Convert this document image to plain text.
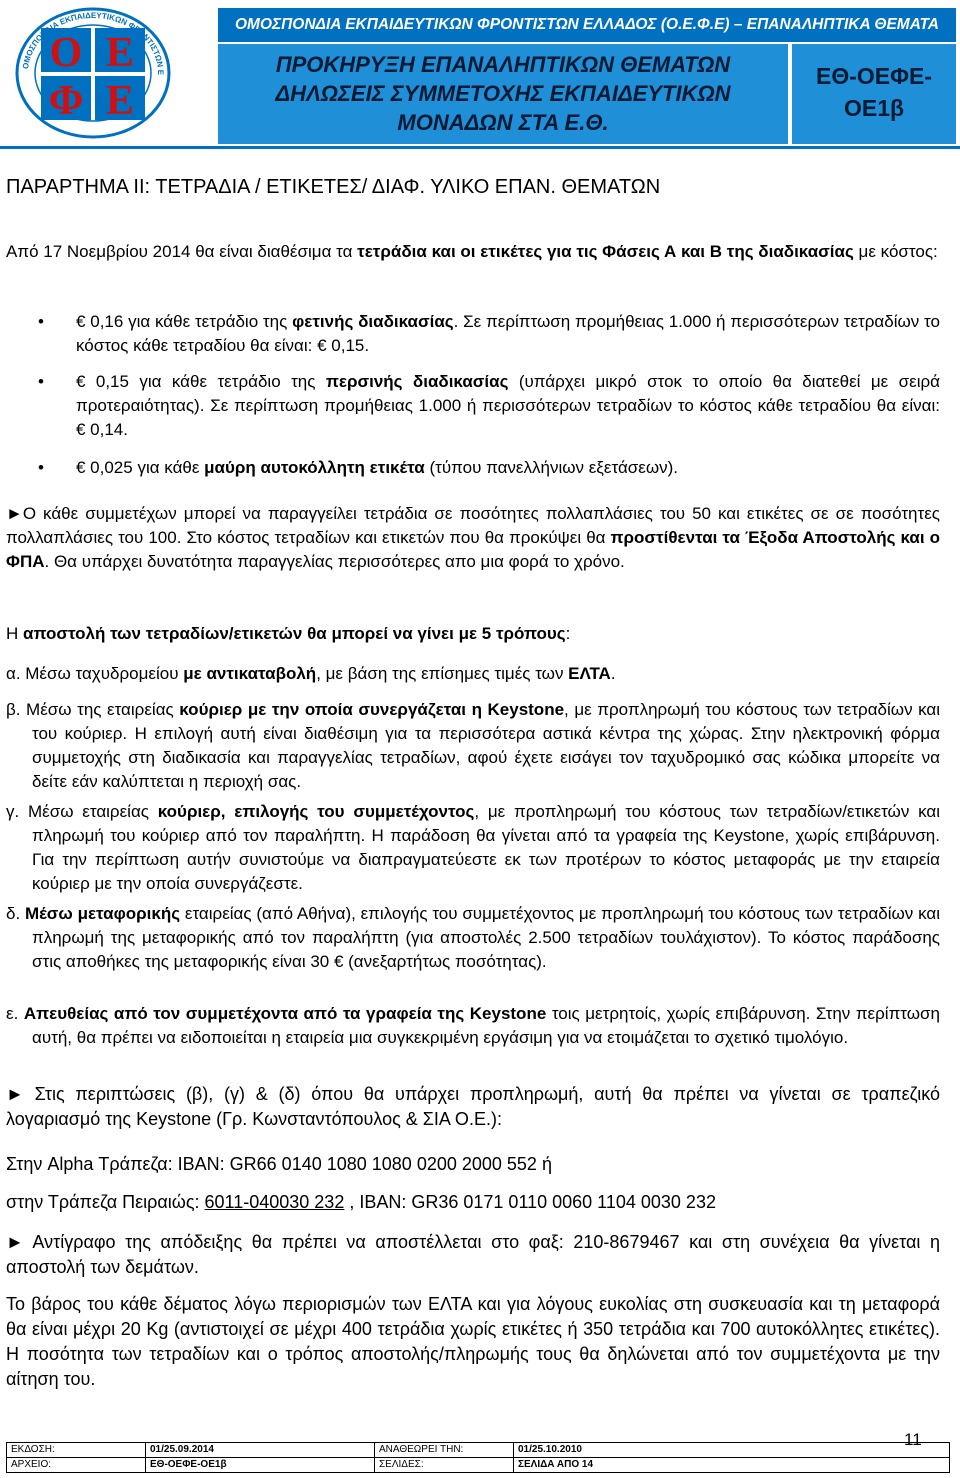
Ο Ε
Φ Ε
ΟΜΟΣΠΟΝΔΙΑ ΕΚΠΑΙΔΕΥΤΙΚΩΝ ΦΡΟΝΤΙΣΤΩΝ Ε
ΟΜΟΣΠΟΝΔΙΑ ΕΚΠΑΙΔΕΥΤΙΚΩΝ ΦΡΟΝΤΙΣΤΩΝ ΕΛΛΑΔΟΣ (Ο.Ε.Φ.Ε) – ΕΠΑΝΑΛΗΠΤΙΚΑ ΘΕΜΑΤΑ
ΠΡΟΚΗΡΥΞΗ ΕΠΑΝΑΛΗΠΤΙΚΩΝ ΘΕΜΑΤΩΝ
ΔΗΛΩΣΕΙΣ ΣΥΜΜΕΤΟΧΗΣ ΕΚΠΑΙΔΕΥΤΙΚΩΝ
ΜΟΝΑΔΩΝ ΣΤΑ Ε.Θ.
ΕΘ-ΟΕΦΕ-
ΟΕ1β
ΠΑΡΑΡΤΗΜΑ ΙΙ: ΤΕΤΡΑΔΙΑ / ΕΤΙΚΕΤΕΣ/ ΔΙΑΦ. ΥΛΙΚΟ ΕΠΑΝ. ΘΕΜΑΤΩΝ
Από 17 Νοεμβρίου 2014 θα είναι διαθέσιμα τα τετράδια και οι ετικέτες για τις Φάσεις Α και Β της διαδικασίας με κόστος:
• € 0,16 για κάθε τετράδιο της φετινής διαδικασίας. Σε περίπτωση προμήθειας 1.000 ή περισσότερων τετραδίων το κόστος κάθε τετραδίου θα είναι: € 0,15.
• € 0,15 για κάθε τετράδιο της περσινής διαδικασίας (υπάρχει μικρό στοκ το οποίο θα διατεθεί με σειρά προτεραιότητας). Σε περίπτωση προμήθειας 1.000 ή περισσότερων τετραδίων το κόστος κάθε τετραδίου θα είναι: € 0,14.
• € 0,025 για κάθε μαύρη αυτοκόλλητη ετικέτα (τύπου πανελλήνιων εξετάσεων).
►Ο κάθε συμμετέχων μπορεί να παραγγείλει τετράδια σε ποσότητες πολλαπλάσιες του 50 και ετικέτες σε σε ποσότητες πολλαπλάσιες του 100. Στο κόστος τετραδίων και ετικετών που θα προκύψει θα προστίθενται τα Έξοδα Αποστολής και ο ΦΠΑ. Θα υπάρχει δυνατότητα παραγγελίας περισσότερες απο μια φορά το χρόνο.
Η αποστολή των τετραδίων/ετικετών θα μπορεί να γίνει με 5 τρόπους:
α. Μέσω ταχυδρομείου με αντικαταβολή, με βάση της επίσημες τιμές των ΕΛΤΑ.
β. Μέσω της εταιρείας κούριερ με την οποία συνεργάζεται η Keystone, με προπληρωμή του κόστους των τετραδίων και του κούριερ. Η επιλογή αυτή είναι διαθέσιμη για τα περισσότερα αστικά κέντρα της χώρας. Στην ηλεκτρονική φόρμα συμμετοχής στη διαδικασία και παραγγελίας τετραδίων, αφού έχετε εισάγει τον ταχυδρομικό σας κώδικα μπορείτε να δείτε εάν καλύπτεται η περιοχή σας.
γ. Μέσω εταιρείας κούριερ, επιλογής του συμμετέχοντος, με προπληρωμή του κόστους των τετραδίων/ετικετών και πληρωμή του κούριερ από τον παραλήπτη. Η παράδοση θα γίνεται από τα γραφεία της Keystone, χωρίς επιβάρυνση. Για την περίπτωση αυτήν συνιστούμε να διαπραγματεύεστε εκ των προτέρων το κόστος μεταφοράς με την εταιρεία κούριερ με την οποία συνεργάζεστε.
δ. Μέσω μεταφορικής εταιρείας (από Αθήνα), επιλογής του συμμετέχοντος με προπληρωμή του κόστους των τετραδίων και πληρωμή της μεταφορικής από τον παραλήπτη (για αποστολές 2.500 τετραδίων τουλάχιστον). Το κόστος παράδοσης στις αποθήκες της μεταφορικής είναι 30 € (ανεξαρτήτως ποσότητας).
ε. Απευθείας από τον συμμετέχοντα από τα γραφεία της Keystone τοις μετρητοίς, χωρίς επιβάρυνση. Στην περίπτωση αυτή, θα πρέπει να ειδοποιείται η εταιρεία μια συγκεκριμένη εργάσιμη για να ετοιμάζεται το σχετικό τιμολόγιο.
► Στις περιπτώσεις (β), (γ) & (δ) όπου θα υπάρχει προπληρωμή, αυτή θα πρέπει να γίνεται σε τραπεζικό λογαριασμό της Keystone (Γρ. Κωνσταντόπουλος & ΣΙΑ Ο.Ε.):
Στην Alpha Τράπεζα: IBAN: GR66 0140 1080 1080 0200 2000 552 ή
στην Τράπεζα Πειραιώς: 6011-040030 232 , IBAN: GR36 0171 0110 0060 1104 0030 232
► Αντίγραφο της απόδειξης θα πρέπει να αποστέλλεται στο φαξ: 210-8679467 και στη συνέχεια θα γίνεται η αποστολή των δεμάτων.
Το βάρος του κάθε δέματος λόγω περιορισμών των ΕΛΤΑ και για λόγους ευκολίας στη συσκευασία και τη μεταφορά θα είναι μέχρι 20 Kg (αντιστοιχεί σε μέχρι 400 τετράδια χωρίς ετικέτες ή 350 τετράδια και 700 αυτοκόλλητες ετικέτες). Η ποσότητα των τετραδίων και ο τρόπος αποστολής/πληρωμής τους θα δηλώνεται από τον συμμετέχοντα με την αίτηση του.
11
ΕΚΔΟΣΗ:	01/25.09.2014	ΑΝΑΘΕΩΡΕΙ ΤΗΝ:	01/25.10.2010
ΑΡΧΕΙΟ:	ΕΘ-ΟΕΦΕ-ΟΕ1β	ΣΕΛΙΔΕΣ:	ΣΕΛΙΔΑ ΑΠΟ 14
